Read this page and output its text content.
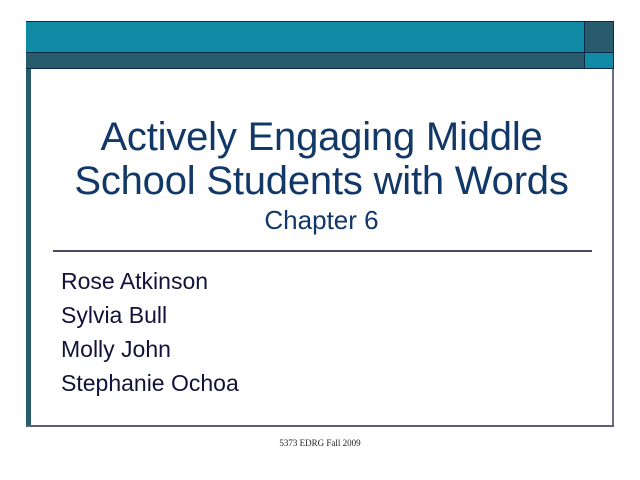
Actively Engaging Middle
School Students with Words
Chapter 6
Rose Atkinson
Sylvia Bull
Molly John
Stephanie Ochoa
5373 EDRG Fall 2009
